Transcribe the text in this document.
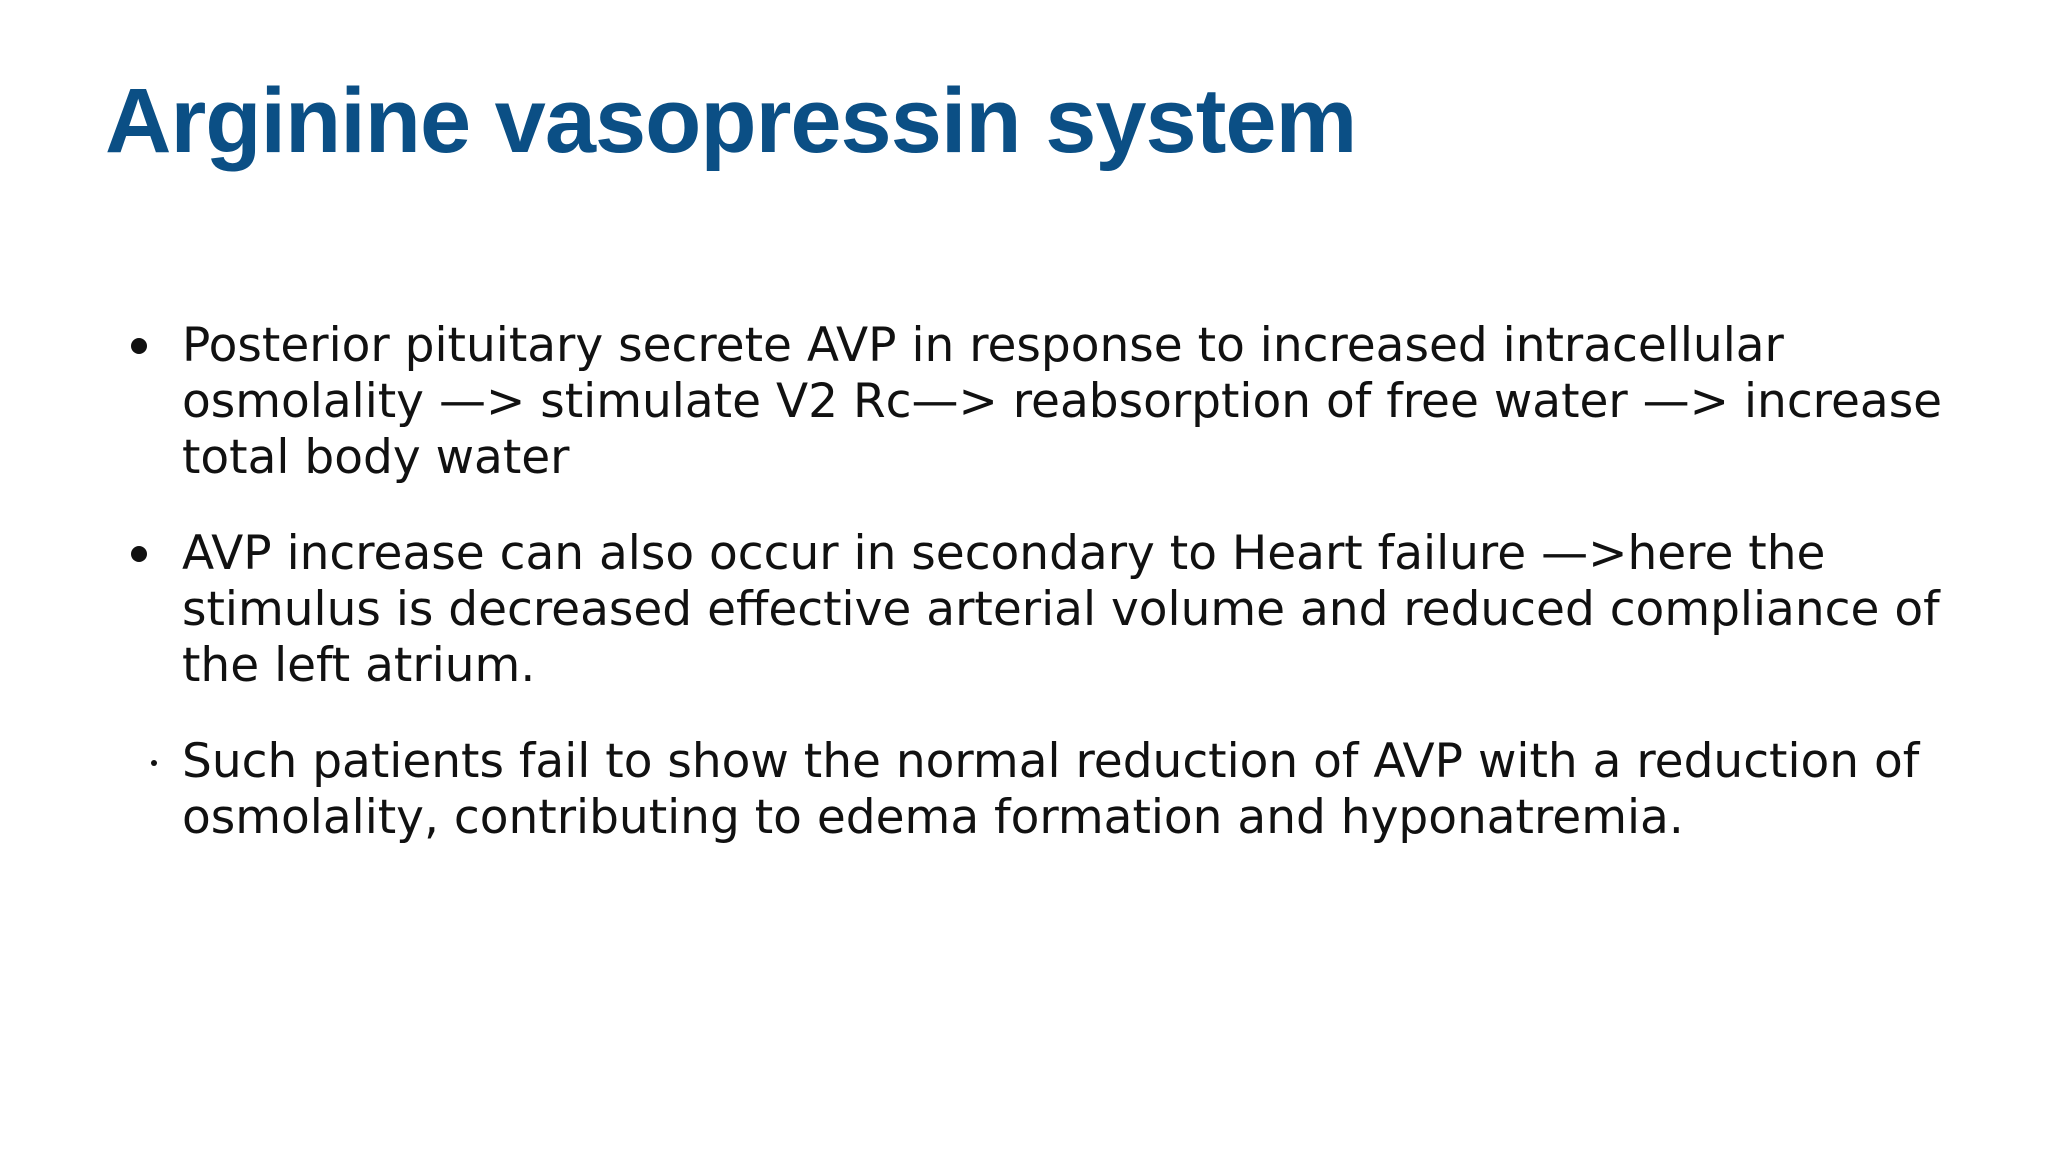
Arginine vasopressin system
Posterior pituitary secrete AVP in response to increased intracellular osmolality —> stimulate V2 Rc—> reabsorption of free water —> increase total body water
AVP increase can also occur in secondary to Heart failure —>here the stimulus is decreased effective arterial volume and reduced compliance of the left atrium.
Such patients fail to show the normal reduction of AVP with a reduction of osmolality, contributing to edema formation and hyponatremia.
